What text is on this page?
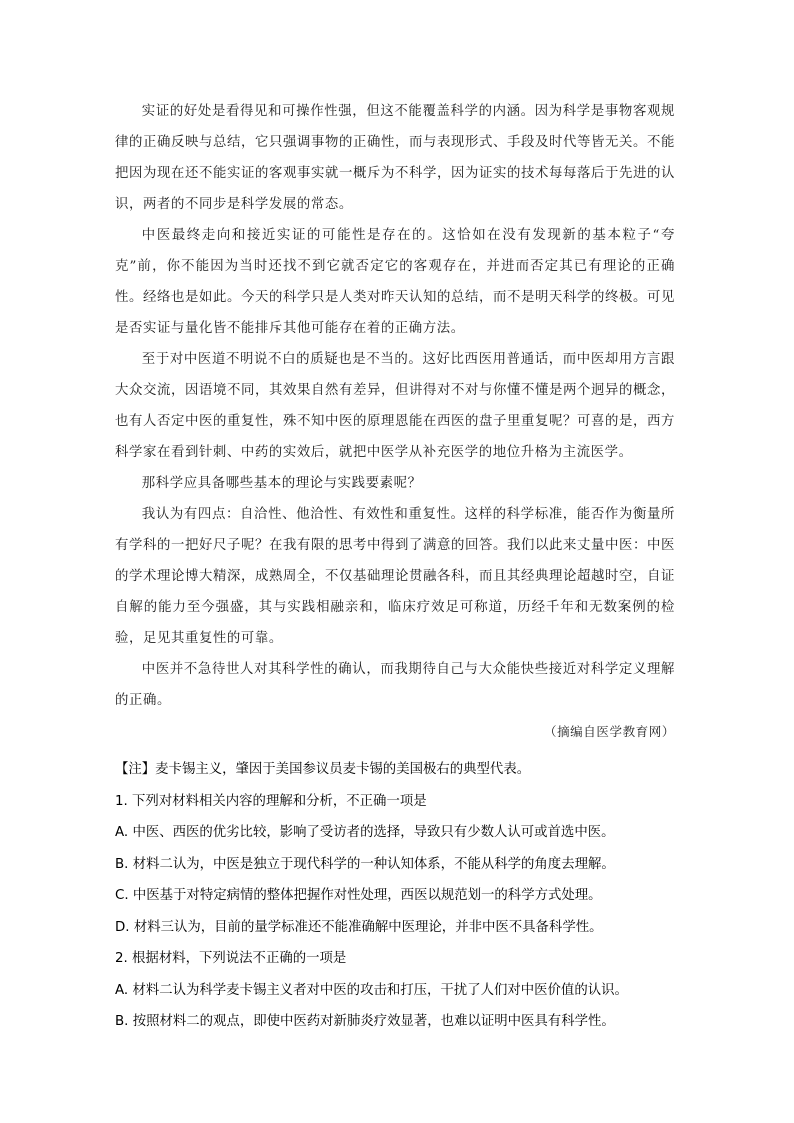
实证的好处是看得见和可操作性强，但这不能覆盖科学的内涵。因为科学是事物客观规律的正确反映与总结，它只强调事物的正确性，而与表现形式、手段及时代等皆无关。不能把因为现在还不能实证的客观事实就一概斥为不科学，因为证实的技术每每落后于先进的认识，两者的不同步是科学发展的常态。

中医最终走向和接近实证的可能性是存在的。这恰如在没有发现新的基本粒子“夸克”前，你不能因为当时还找不到它就否定它的客观存在，并进而否定其已有理论的正确性。经络也是如此。今天的科学只是人类对昨天认知的总结，而不是明天科学的终极。可见是否实证与量化皆不能排斥其他可能存在着的正确方法。

至于对中医道不明说不白的质疑也是不当的。这好比西医用普通话，而中医却用方言跟大众交流，因语境不同，其效果自然有差异，但讲得对不对与你懂不懂是两个迥异的概念，也有人否定中医的重复性，殊不知中医的原理恩能在西医的盘子里重复呢？可喜的是，西方科学家在看到针刺、中药的实效后，就把中医学从补充医学的地位升格为主流医学。

那科学应具备哪些基本的理论与实践要素呢？

我认为有四点：自洽性、他洽性、有效性和重复性。这样的科学标准，能否作为衡量所有学科的一把好尺子呢？在我有限的思考中得到了满意的回答。我们以此来丈量中医：中医的学术理论博大精深，成熟周全，不仅基础理论贯融各科，而且其经典理论超越时空，自证自解的能力至今强盛，其与实践相融亲和，临床疗效足可称道，历经千年和无数案例的检验，足见其重复性的可靠。

中医并不急待世人对其科学性的确认，而我期待自己与大众能快些接近对科学定义理解的正确。

（摘编自医学教育网）

【注】麦卡锡主义，肇因于美国参议员麦卡锡的美国极右的典型代表。

1. 下列对材料相关内容的理解和分析，不正确一项是

A. 中医、西医的优劣比较，影响了受访者的选择，导致只有少数人认可或首选中医。

B. 材料二认为，中医是独立于现代科学的一种认知体系，不能从科学的角度去理解。

C. 中医基于对特定病情的整体把握作对性处理，西医以规范划一的科学方式处理。

D. 材料三认为，目前的量学标准还不能准确解中医理论，并非中医不具备科学性。

2. 根据材料，下列说法不正确的一项是

A. 材料二认为科学麦卡锡主义者对中医的攻击和打压，干扰了人们对中医价值的认识。

B. 按照材料二的观点，即使中医药对新肺炎疗效显著，也难以证明中医具有科学性。
